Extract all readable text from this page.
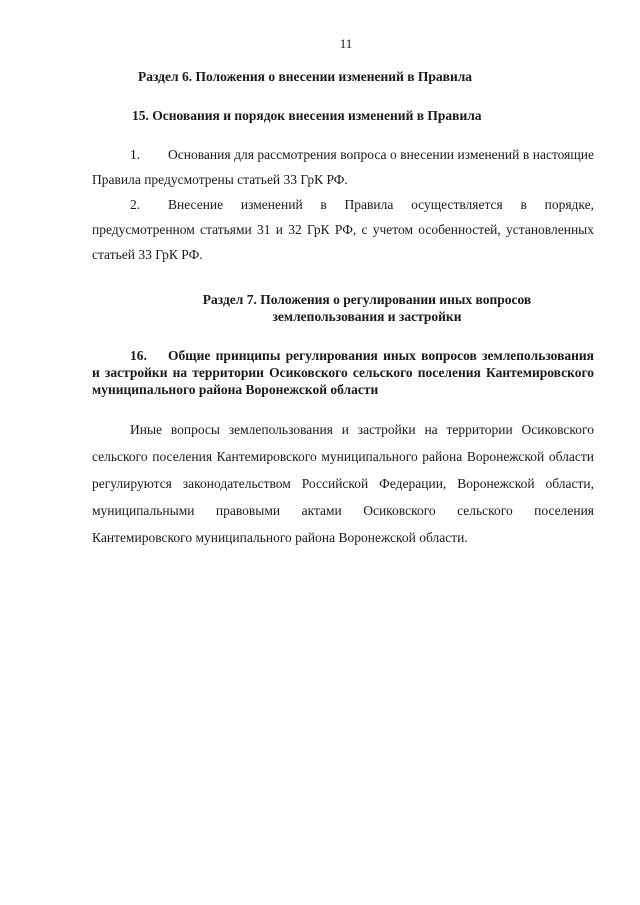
11

Раздел 6. Положения о внесении изменений в Правила

15. Основания и порядок внесения изменений в Правила

1. Основания для рассмотрения вопроса о внесении изменений в настоящие Правила предусмотрены статьей 33 ГрК РФ.

2. Внесение изменений в Правила осуществляется в порядке, предусмотренном статьями 31 и 32 ГрК РФ, с учетом особенностей, установленных статьей 33 ГрК РФ.

Раздел 7. Положения о регулировании иных вопросов

землепользования и застройки

16. Общие принципы регулирования иных вопросов землепользования и застройки на территории Осиковского сельского поселения Кантемировского муниципального района Воронежской области

Иные вопросы землепользования и застройки на территории Осиковского сельского поселения Кантемировского муниципального района Воронежской области регулируются законодательством Российской Федерации, Воронежской области, муниципальными правовыми актами Осиковского сельского поселения Кантемировского муниципального района Воронежской области.
